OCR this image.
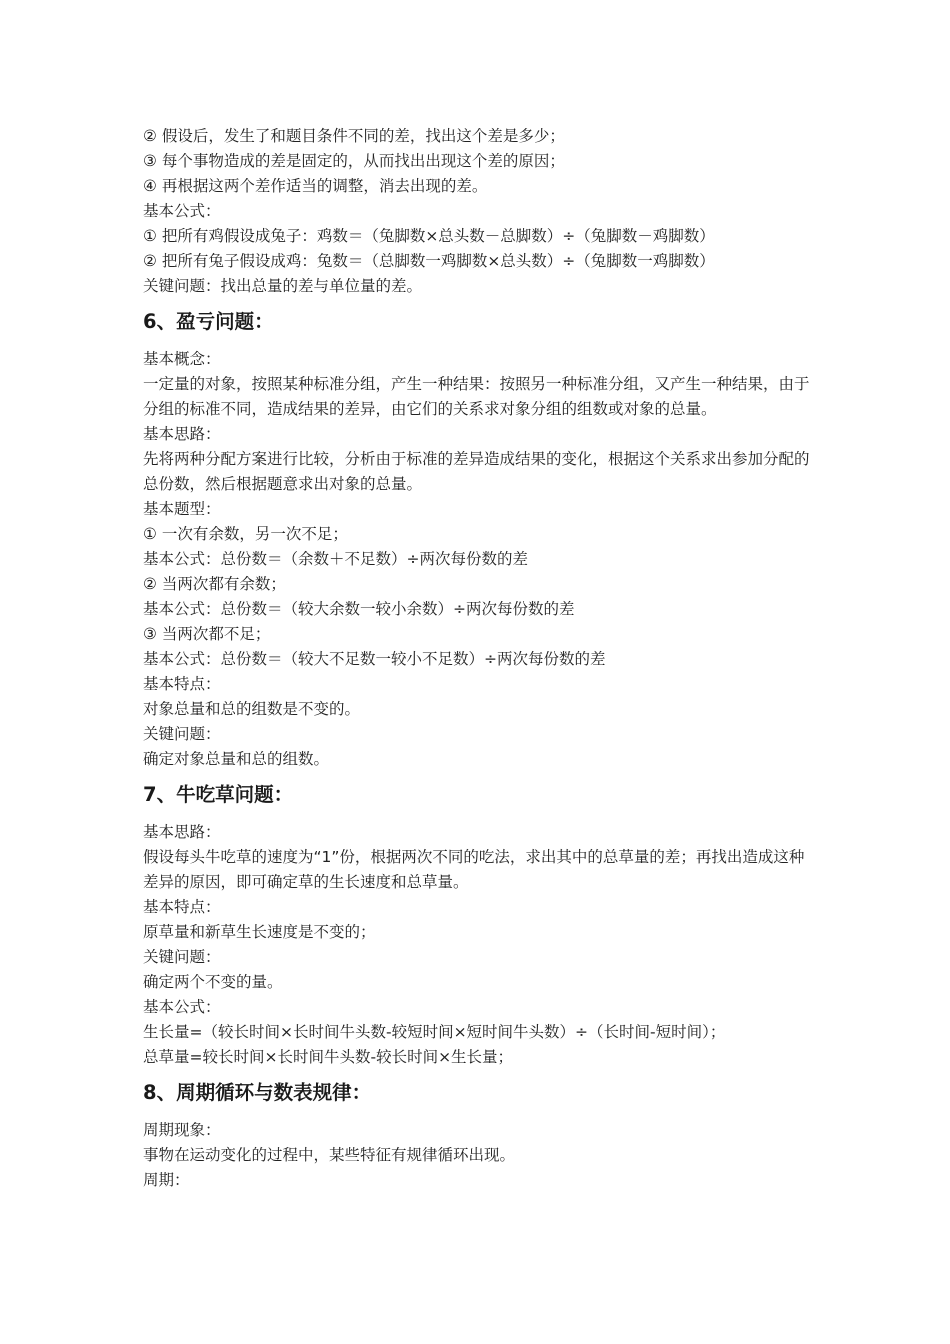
② 假设后，发生了和题目条件不同的差，找出这个差是多少；

③ 每个事物造成的差是固定的，从而找出出现这个差的原因；

④ 再根据这两个差作适当的调整，消去出现的差。

基本公式：

① 把所有鸡假设成兔子：鸡数＝（兔脚数×总头数－总脚数）÷（兔脚数－鸡脚数）

② 把所有兔子假设成鸡：兔数＝（总脚数一鸡脚数×总头数）÷（兔脚数一鸡脚数）

关键问题：找出总量的差与单位量的差。

6、盈亏问题：

基本概念：

一定量的对象，按照某种标准分组，产生一种结果：按照另一种标准分组，又产生一种结果，由于分组的标准不同，造成结果的差异，由它们的关系求对象分组的组数或对象的总量。

基本思路：

先将两种分配方案进行比较，分析由于标准的差异造成结果的变化，根据这个关系求出参加分配的总份数，然后根据题意求出对象的总量。

基本题型：

① 一次有余数，另一次不足；

基本公式：总份数＝（余数＋不足数）÷两次每份数的差

② 当两次都有余数；

基本公式：总份数＝（较大余数一较小余数）÷两次每份数的差

③ 当两次都不足；

基本公式：总份数＝（较大不足数一较小不足数）÷两次每份数的差

基本特点：

对象总量和总的组数是不变的。

关键问题：

确定对象总量和总的组数。

7、牛吃草问题：

基本思路：

假设每头牛吃草的速度为“1”份，根据两次不同的吃法，求出其中的总草量的差；再找出造成这种差异的原因，即可确定草的生长速度和总草量。

基本特点：

原草量和新草生长速度是不变的；

关键问题：

确定两个不变的量。

基本公式：

生长量=（较长时间×长时间牛头数-较短时间×短时间牛头数）÷（长时间-短时间）；

总草量=较长时间×长时间牛头数-较长时间×生长量；

8、周期循环与数表规律：

周期现象：

事物在运动变化的过程中，某些特征有规律循环出现。

周期：
